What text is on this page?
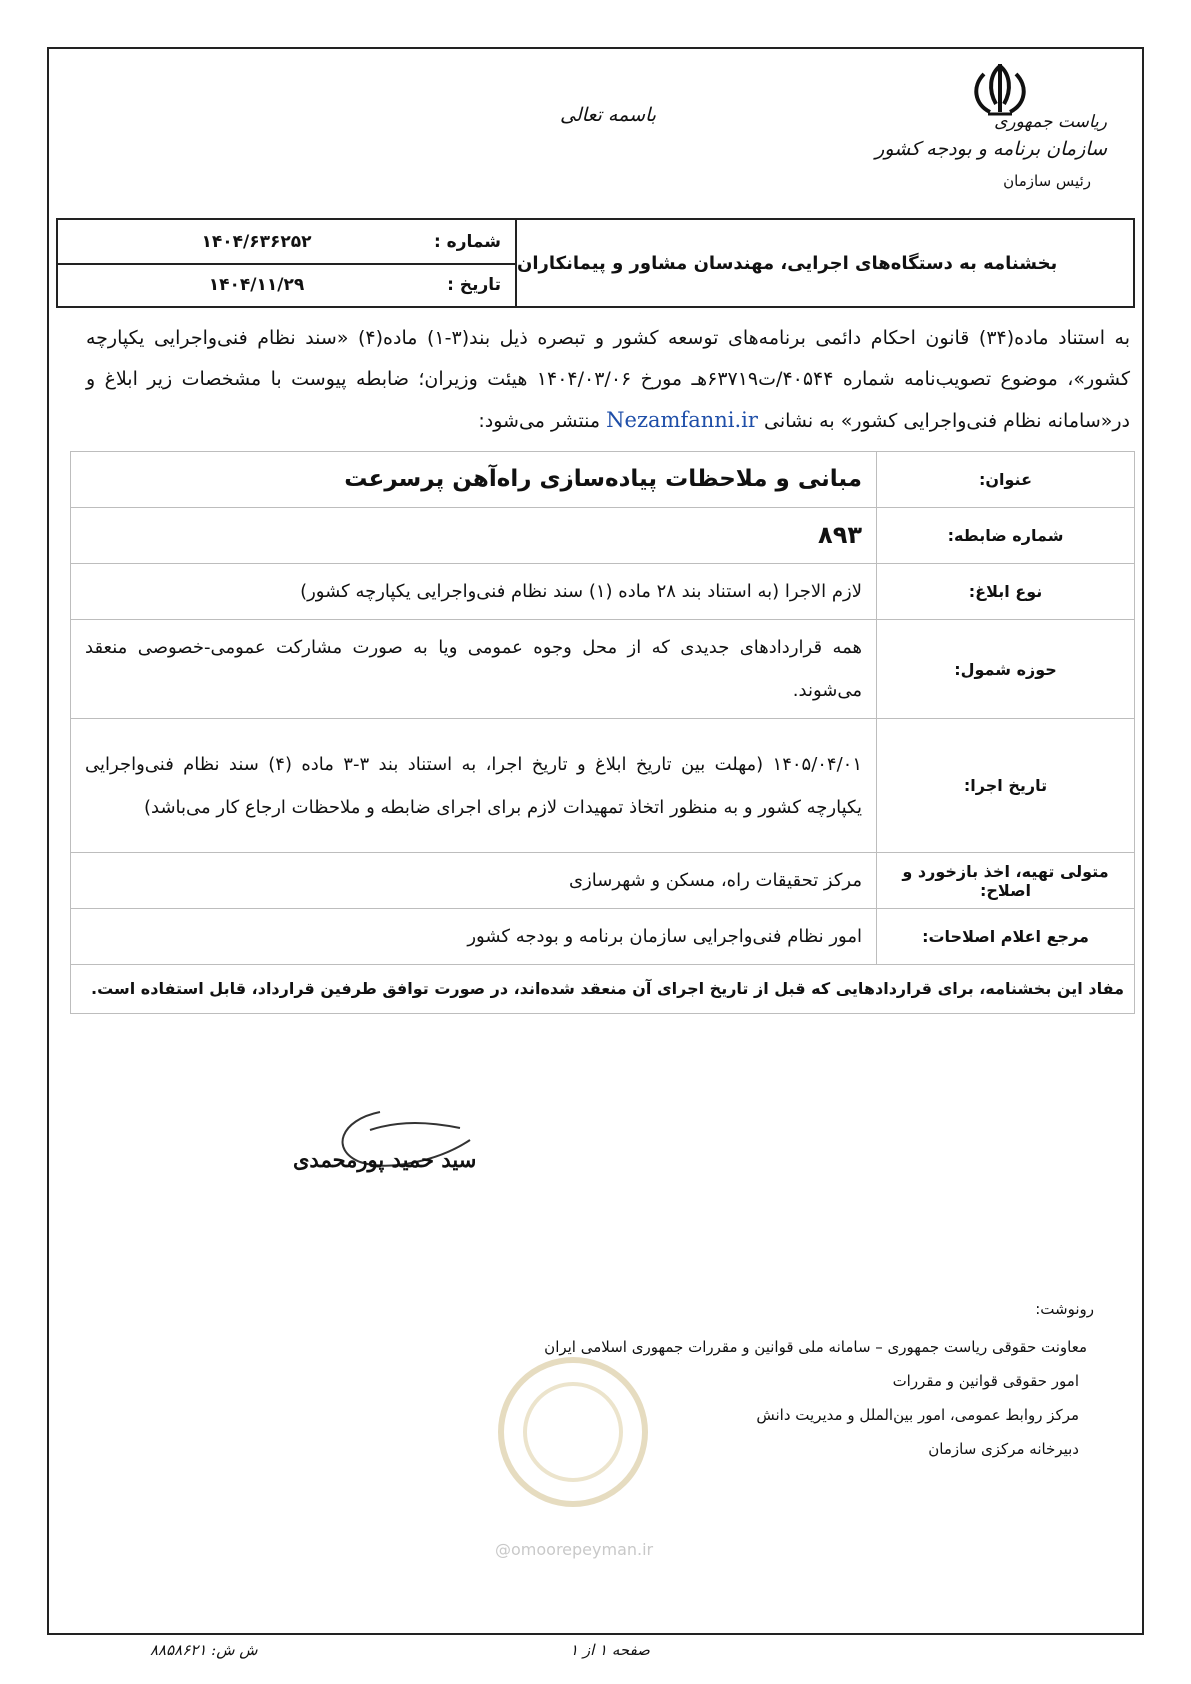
ریاست جمهوری
سازمان برنامه و بودجه کشور
رئیس سازمان
باسمه تعالی
بخشنامه به دستگاه‌های اجرایی، مهندسان مشاور و پیمانکاران
شماره :
۱۴۰۴/۶۳۶۲۵۲
تاریخ :
۱۴۰۴/۱۱/۲۹
به استناد ماده(۳۴) قانون احکام دائمی برنامه‌های توسعه کشور و تبصره ذیل بند(۳-۱) ماده(۴) «سند نظام فنی‌واجرایی یکپارچه کشور»، موضوع تصویب‌نامه شماره ۴۰۵۴۴/ت۶۳۷۱۹هـ مورخ ۱۴۰۴/۰۳/۰۶ هیئت وزیران؛ ضابطه پیوست با مشخصات زیر ابلاغ و در«سامانه نظام فنی‌واجرایی کشور» به نشانی Nezamfanni.ir منتشر می‌شود:
عنوان:	مبانی و ملاحظات پیاده‌سازی راه‌آهن پرسرعت
شماره ضابطه:	۸۹۳
نوع ابلاغ:	لازم الاجرا (به استناد بند ۲۸ ماده (۱) سند نظام فنی‌واجرایی یکپارچه کشور)
حوزه شمول:	همه قراردادهای جدیدی که از محل وجوه عمومی ویا به صورت مشارکت عمومی-خصوصی منعقد می‌شوند.
تاریخ اجرا:	۱۴۰۵/۰۴/۰۱ (مهلت بین تاریخ ابلاغ و تاریخ اجرا، به استناد بند ۳-۳ ماده (۴) سند نظام فنی‌واجرایی یکپارچه کشور و به منظور اتخاذ تمهیدات لازم برای اجرای ضابطه و ملاحظات ارجاع کار می‌باشد)
متولی تهیه، اخذ بازخورد و اصلاح:	مرکز تحقیقات راه، مسکن و شهرسازی
مرجع اعلام اصلاحات:	امور نظام فنی‌واجرایی سازمان برنامه و بودجه کشور
مفاد این بخشنامه، برای قراردادهایی که قبل از تاریخ اجرای آن منعقد شده‌اند، در صورت توافق طرفین قرارداد، قابل استفاده است.	
سید حمید پورمحمدی
رونوشت:
معاونت حقوقی ریاست جمهوری – سامانه ملی قوانین و مقررات جمهوری اسلامی ایران
امور حقوقی قوانین و مقررات
مرکز روابط عمومی، امور بین‌الملل و مدیریت دانش
دبیرخانه مرکزی سازمان
@omoorepeyman.ir
صفحه ۱ از ۱
ش ش: ۸۸۵۸۶۲۱
